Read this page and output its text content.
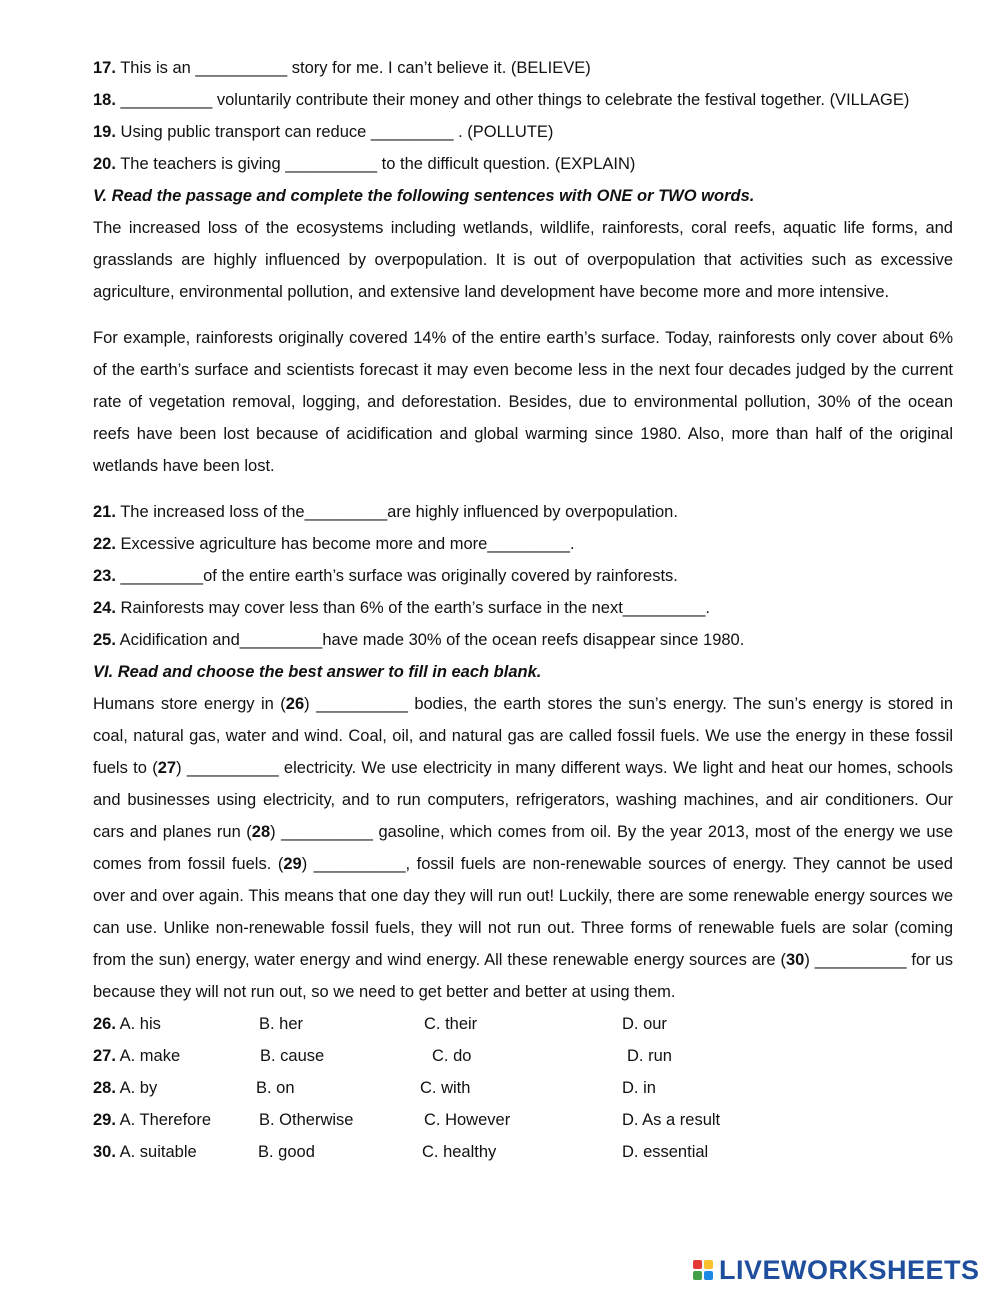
17. This is an __________ story for me. I can’t believe it. (BELIEVE)
18. __________ voluntarily contribute their money and other things to celebrate the festival together. (VILLAGE)
19. Using public transport can reduce _________ . (POLLUTE)
20. The teachers is giving __________ to the difficult question. (EXPLAIN)
V. Read the passage and complete the following sentences with ONE or TWO words.

The increased loss of the ecosystems including wetlands, wildlife, rainforests, coral reefs, aquatic life forms, and grasslands are highly influenced by overpopulation. It is out of overpopulation that activities such as excessive agriculture, environmental pollution, and extensive land development have become more and more intensive.

For example, rainforests originally covered 14% of the entire earth’s surface. Today, rainforests only cover about 6% of the earth’s surface and scientists forecast it may even become less in the next four decades judged by the current rate of vegetation removal, logging, and deforestation. Besides, due to environmental pollution, 30% of the ocean reefs have been lost because of acidification and global warming since 1980. Also, more than half of the original wetlands have been lost.

21. The increased loss of the_________are highly influenced by overpopulation.
22. Excessive agriculture has become more and more_________.
23. _________of the entire earth’s surface was originally covered by rainforests.
24. Rainforests may cover less than 6% of the earth’s surface in the next_________.
25. Acidification and_________have made 30% of the ocean reefs disappear since 1980.
VI. Read and choose the best answer to fill in each blank.

Humans store energy in (26) __________ bodies, the earth stores the sun’s energy. The sun’s energy is stored in coal, natural gas, water and wind. Coal, oil, and natural gas are called fossil fuels. We use the energy in these fossil fuels to (27) __________ electricity. We use electricity in many different ways. We light and heat our homes, schools and businesses using electricity, and to run computers, refrigerators, washing machines, and air conditioners. Our cars and planes run (28) __________ gasoline, which comes from oil. By the year 2013, most of the energy we use comes from fossil fuels. (29) __________, fossil fuels are non-renewable sources of energy. They cannot be used over and over again. This means that one day they will run out! Luckily, there are some renewable energy sources we can use. Unlike non-renewable fossil fuels, they will not run out. Three forms of renewable fuels are solar (coming from the sun) energy, water energy and wind energy. All these renewable energy sources are (30) __________ for us because they will not run out, so we need to get better and better at using them.

26. A. his	B. her	C. their	D. our
27. A. make	B. cause	C. do	D. run
28. A. by	B. on	C. with	D. in
29. A. Therefore	B. Otherwise	C. However	D. As a result
30. A. suitable	B. good	C. healthy	D. essential
LIVEWORKSHEETS
